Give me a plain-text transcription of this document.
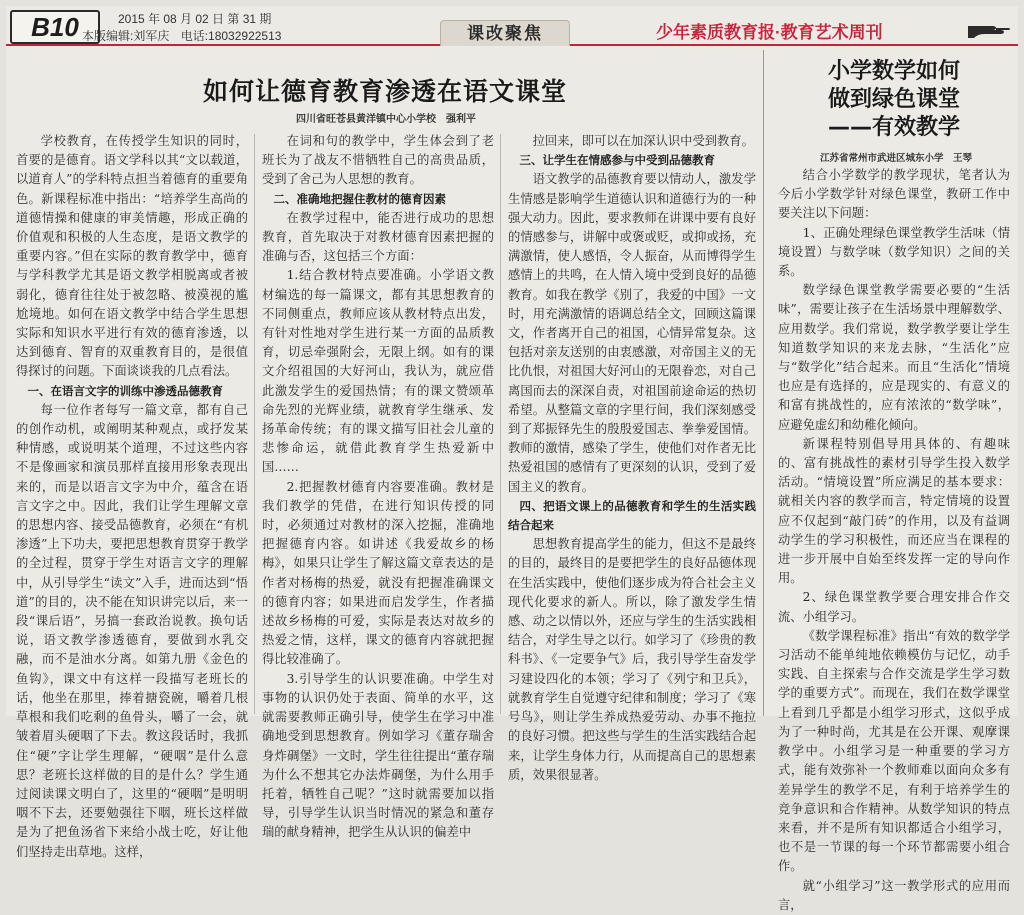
B10	2015 年 08 月 02 日 第 31 期
本版编辑:刘军庆 电话:18032922513	课改聚焦	少年素质教育报·教育艺术周刊
如何让德育教育渗透在语文课堂
四川省旺苍县黄洋镇中心小学校　强利平

学校教育，在传授学生知识的同时，首要的是德育。语文学科以其“文以载道，以道育人”的学科特点担当着德育的重要角色。新课程标准中指出：“培养学生高尚的道德情操和健康的审美情趣，形成正确的价值观和积极的人生态度，是语文教学的重要内容。”但在实际的教育教学中，德育与学科教学尤其是语文教学相脱离或者被弱化，德育往往处于被忽略、被漠视的尴尬境地。如何在语文教学中结合学生思想实际和知识水平进行有效的德育渗透，以达到德育、智育的双重教育目的，是很值得探讨的问题。下面谈谈我的几点看法。

一、在语言文字的训练中渗透品德教育

每一位作者每写一篇文章，都有自己的创作动机，或阐明某种观点，或抒发某种情感，或说明某个道理，不过这些内容不是像画家和演员那样直接用形象表现出来的，而是以语言文字为中介，蕴含在语言文字之中。因此，我们让学生理解文章的思想内容、接受品德教育，必须在“有机渗透”上下功夫，要把思想教育贯穿于教学的全过程，贯穿于学生对语言文字的理解中，从引导学生“读文”入手，进而达到“悟道”的目的，决不能在知识讲完以后，来一段“课后语”，另搞一套政治说教。换句话说，语文教学渗透德育，要做到水乳交融，而不是油水分离。如第九册《金色的鱼钩》，课文中有这样一段描写老班长的话，他坐在那里，捧着搪瓷碗，嚼着几根草根和我们吃剩的鱼骨头，嚼了一会，就皱着眉头硬咽了下去。教这段话时，我抓住“硬”字让学生理解，“硬咽”是什么意思？老班长这样做的目的是什么？学生通过阅读课文明白了，这里的“硬咽”是明明咽不下去，还要勉强往下咽，班长这样做是为了把鱼汤省下来给小战士吃，好让他们坚持走出草地。这样，

在词和句的教学中，学生体会到了老班长为了战友不惜牺牲自己的高贵品质，受到了舍己为人思想的教育。

二、准确地把握住教材的德育因素

在教学过程中，能否进行成功的思想教育，首先取决于对教材德育因素把握的准确与否，这包括三个方面：

1.结合教材特点要准确。小学语文教材编选的每一篇课文，都有其思想教育的不同侧重点，教师应该从教材特点出发，有针对性地对学生进行某一方面的品质教育，切忌牵强附会，无限上纲。如有的课文介绍祖国的大好河山，我认为，就应借此激发学生的爱国热情；有的课文赞颂革命先烈的光辉业绩，就教育学生继承、发扬革命传统；有的课文描写旧社会儿童的悲惨命运，就借此教育学生热爱新中国……

2.把握教材德育内容要准确。教材是我们教学的凭借，在进行知识传授的同时，必须通过对教材的深入挖掘，准确地把握德育内容。如讲述《我爱故乡的杨梅》，如果只让学生了解这篇文章表达的是作者对杨梅的热爱，就没有把握准确课文的德育内容；如果进而启发学生，作者描述故乡杨梅的可爱，实际是表达对故乡的热爱之情，这样，课文的德育内容就把握得比较准确了。

3.引导学生的认识要准确。中学生对事物的认识仍处于表面、简单的水平，这就需要教师正确引导，使学生在学习中准确地受到思想教育。例如学习《董存瑞舍身炸碉堡》一文时，学生往往提出“董存瑞为什么不想其它办法炸碉堡，为什么用手托着，牺牲自己呢？”这时就需要加以指导，引导学生认识当时情况的紧急和董存瑞的献身精神，把学生从认识的偏差中

拉回来，即可以在加深认识中受到教育。

三、让学生在情感参与中受到品德教育

语文教学的品德教育要以情动人，激发学生情感是影响学生道德认识和道德行为的一种强大动力。因此，要求教师在讲课中要有良好的情感参与，讲解中或褒或贬，或抑或扬，充满激情，使人感悟，令人振奋，从而博得学生感情上的共鸣，在人情入境中受到良好的品德教育。如我在教学《别了，我爱的中国》一文时，用充满激情的语调总结全文，回顾这篇课文，作者离开自己的祖国，心情异常复杂。这包括对亲友送别的由衷感激，对帝国主义的无比仇恨，对祖国大好河山的无限眷恋，对自己离国而去的深深自责，对祖国前途命运的热切希望。从整篇文章的字里行间，我们深刻感受到了郑振铎先生的殷殷爱国志、拳拳爱国情。教师的激情，感染了学生，使他们对作者无比热爱祖国的感情有了更深刻的认识，受到了爱国主义的教育。

四、把语文课上的品德教育和学生的生活实践结合起来

思想教育提高学生的能力，但这不是最终的目的，最终目的是要把学生的良好品德体现在生活实践中，使他们逐步成为符合社会主义现代化要求的新人。所以，除了激发学生情感、动之以情以外，还应与学生的生活实践相结合，对学生导之以行。如学习了《珍贵的教科书》、《一定要争气》后，我引导学生奋发学习建设四化的本领；学习了《列宁和卫兵》，就教育学生自觉遵守纪律和制度；学习了《寒号鸟》，则让学生养成热爱劳动、办事不拖拉的良好习惯。把这些与学生的生活实践结合起来，让学生身体力行，从而提高自己的思想素质，效果很显著。

小学数学如何
做到绿色课堂
——有效教学
江苏省常州市武进区城东小学　王琴

结合小学数学的教学现状，笔者认为今后小学数学针对绿色课堂，教研工作中要关注以下问题：

1、正确处理绿色课堂教学生活味（情境设置）与数学味（数学知识）之间的关系。

数学绿色课堂教学需要必要的“生活味”，需要让孩子在生活场景中理解数学、应用数学。我们常说，数学教学要让学生知道数学知识的来龙去脉，“生活化”应与“数学化”结合起来。而且“生活化”情境也应是有选择的，应是现实的、有意义的和富有挑战性的，应有浓浓的“数学味”，应避免虚幻和幼稚化倾向。

新课程特别倡导用具体的、有趣味的、富有挑战性的素材引导学生投入数学活动。“情境设置”所应满足的基本要求：就相关内容的教学而言，特定情境的设置应不仅起到“敲门砖”的作用，以及有益调动学生的学习积极性，而还应当在课程的进一步开展中自始至终发挥一定的导向作用。

2、绿色课堂教学要合理安排合作交流、小组学习。

《数学课程标准》指出“有效的数学学习活动不能单纯地依赖模仿与记忆，动手实践、自主探索与合作交流是学生学习数学的重要方式”。而现在，我们在数学课堂上看到几乎都是小组学习形式，这似乎成为了一种时尚，尤其是在公开课、观摩课教学中。小组学习是一种重要的学习方式，能有效弥补一个教师难以面向众多有差异学生的教学不足，有利于培养学生的竞争意识和合作精神。从数学知识的特点来看，并不是所有知识都适合小组学习，也不是一节课的每一个环节都需要小组合作。

就“小组学习”这一教学形式的应用而言，
